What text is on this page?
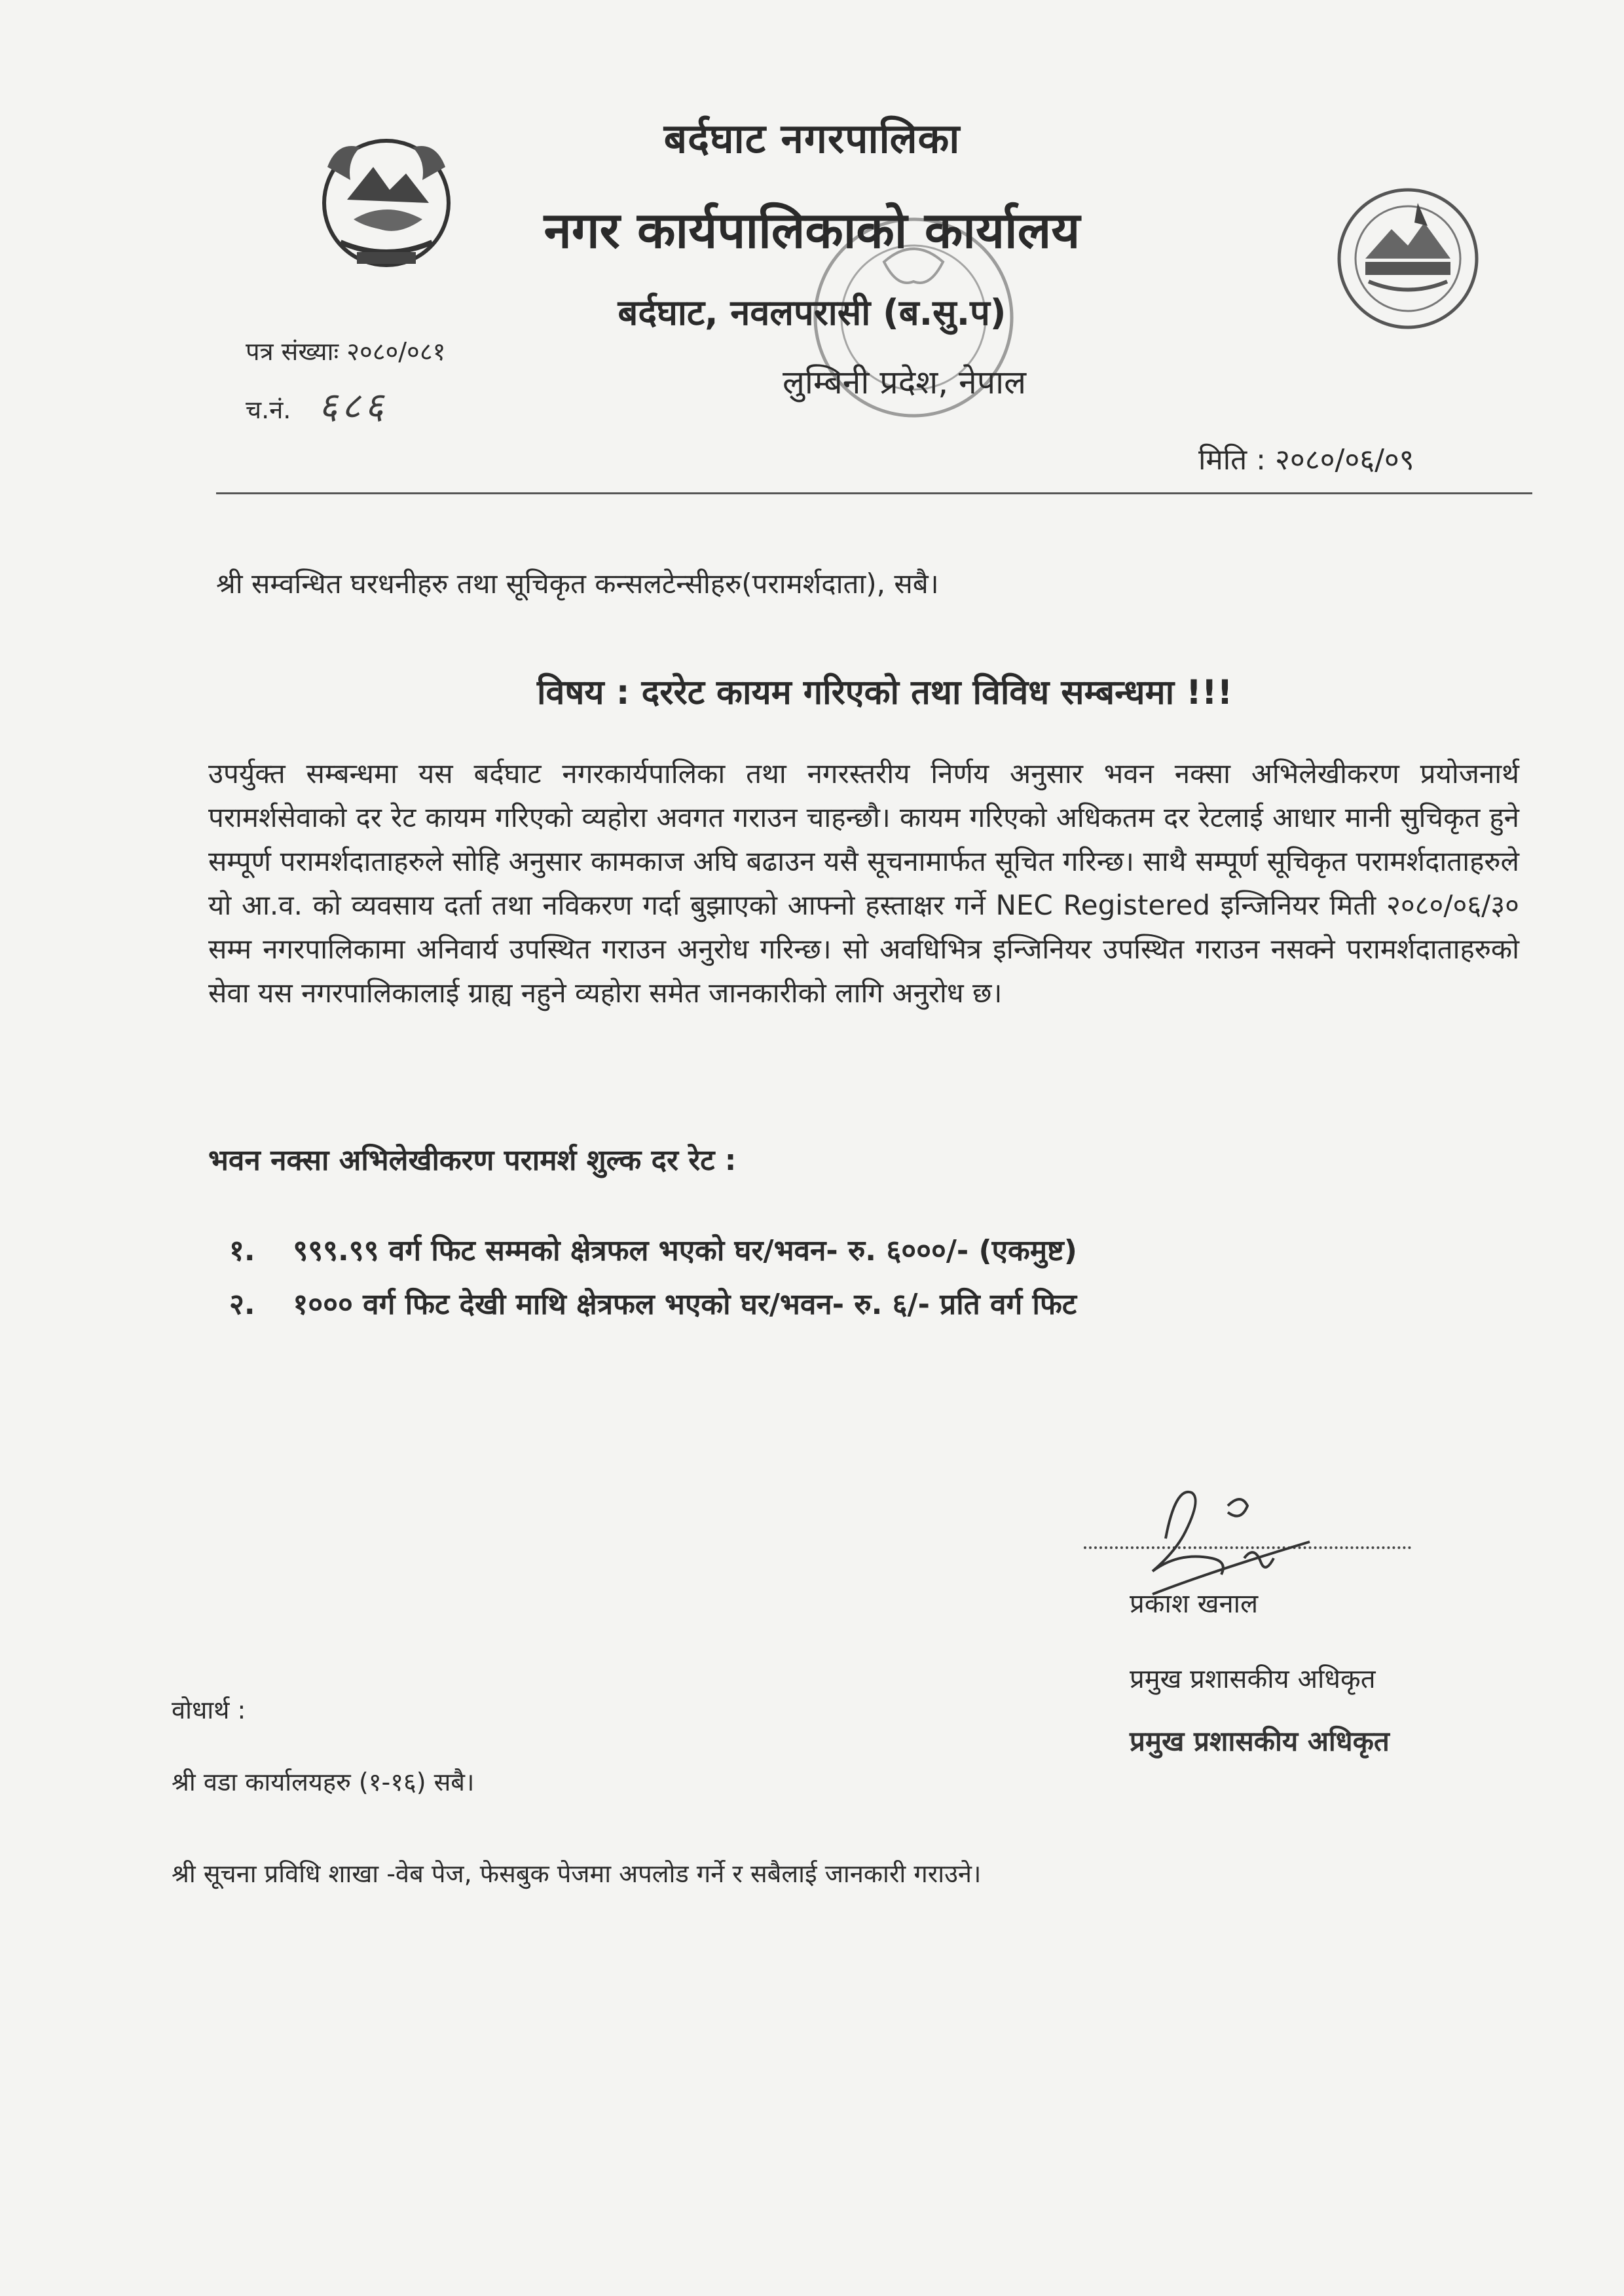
बर्दघाट नगरपालिका
नगर कार्यपालिकाको कार्यालय
बर्दघाट, नवलपरासी (ब.सु.प)
लुम्बिनी प्रदेश, नेपाल
पत्र संख्याः २०८०/०८१
च.नं. ६८६
मिति : २०८०/०६/०९
श्री सम्वन्धित घरधनीहरु तथा सूचिकृत कन्सलटेन्सीहरु(परामर्शदाता), सबै।
विषय : दररेट कायम गरिएको तथा विविध सम्बन्धमा !!!
उपर्युक्त सम्बन्धमा यस बर्दघाट नगरकार्यपालिका तथा नगरस्तरीय निर्णय अनुसार भवन नक्सा अभिलेखीकरण प्रयोजनार्थ परामर्शसेवाको दर रेट कायम गरिएको व्यहोरा अवगत गराउन चाहन्छौ। कायम गरिएको अधिकतम दर रेटलाई आधार मानी सुचिकृत हुने सम्पूर्ण परामर्शदाताहरुले सोहि अनुसार कामकाज अघि बढाउन यसै सूचनामार्फत सूचित गरिन्छ। साथै सम्पूर्ण सूचिकृत परामर्शदाताहरुले यो आ.व. को व्यवसाय दर्ता तथा नविकरण गर्दा बुझाएको आफ्नो हस्ताक्षर गर्ने NEC Registered इन्जिनियर मिती २०८०/०६/३० सम्म नगरपालिकामा अनिवार्य उपस्थित गराउन अनुरोध गरिन्छ। सो अवधिभित्र इन्जिनियर उपस्थित गराउन नसक्ने परामर्शदाताहरुको सेवा यस नगरपालिकालाई ग्राह्य नहुने व्यहोरा समेत जानकारीको लागि अनुरोध छ।
भवन नक्सा अभिलेखीकरण परामर्श शुल्क दर रेट :
१. ९९९.९९ वर्ग फिट सम्मको क्षेत्रफल भएको घर/भवन- रु. ६०००/- (एकमुष्ट)
२. १००० वर्ग फिट देखी माथि क्षेत्रफल भएको घर/भवन- रु. ६/- प्रति वर्ग फिट
प्रकाश खनाल
प्रमुख प्रशासकीय अधिकृत
प्रमुख प्रशासकीय अधिकृत
वोधार्थ :
श्री वडा कार्यालयहरु (१-१६) सबै।
श्री सूचना प्रविधि शाखा -वेब पेज, फेसबुक पेजमा अपलोड गर्ने र सबैलाई जानकारी गराउने।
